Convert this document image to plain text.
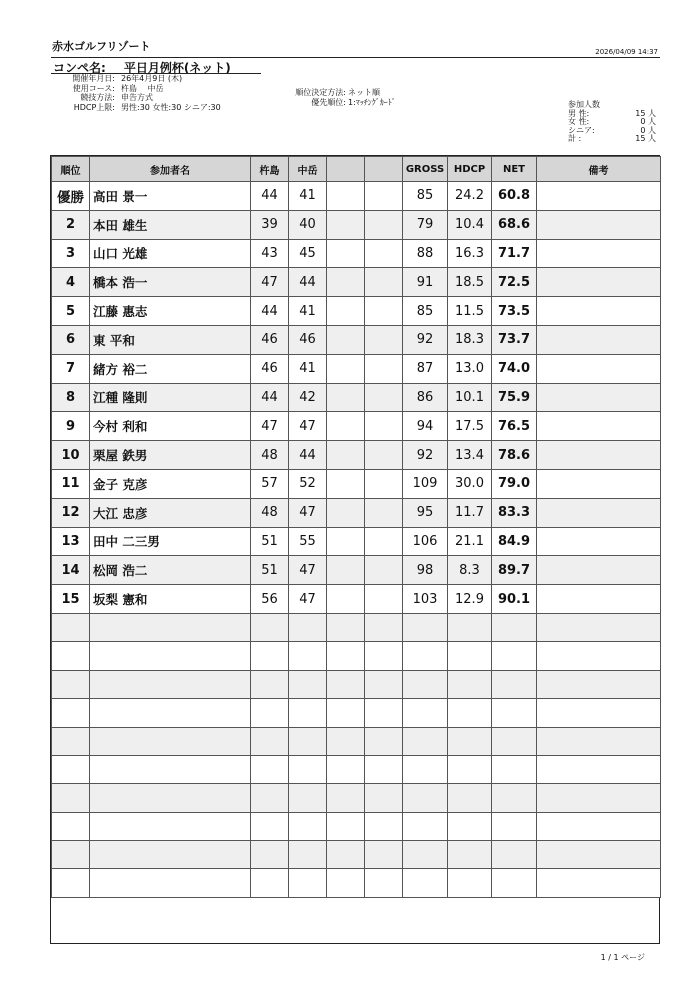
赤水ゴルフリゾート	2026/04/09 14:37
コンペ名: 平日月例杯(ネット)
開催年月日: 26年4月9日 (木)
使用コース: 杵島　 中岳
競技方法: 申告方式
HDCP上限: 男性:30 女性:30 シニア:30
順位決定方法: ネット順
優先順位: 1:ﾏｯﾁﾝｸﾞｶｰﾄﾞ	参加人数
男 性:	15 人
女 性:	0 人
シニア:	0 人
計 :	15 人
順位	参加者名	杵島	中岳			GROSS	HDCP	NET	備考
優勝	高田 景一	44	41			85	24.2	60.8	
2	本田 雄生	39	40			79	10.4	68.6	
3	山口 光雄	43	45			88	16.3	71.7	
4	橋本 浩一	47	44			91	18.5	72.5	
5	江藤 惠志	44	41			85	11.5	73.5	
6	東 平和	46	46			92	18.3	73.7	
7	緒方 裕二	46	41			87	13.0	74.0	
8	江種 隆則	44	42			86	10.1	75.9	
9	今村 利和	47	47			94	17.5	76.5	
10	栗屋 鉄男	48	44			92	13.4	78.6	
11	金子 克彦	57	52			109	30.0	79.0	
12	大江 忠彦	48	47			95	11.7	83.3	
13	田中 二三男	51	55			106	21.1	84.9	
14	松岡 浩二	51	47			98	8.3	89.7	
15	坂梨 憲和	56	47			103	12.9	90.1	

1 / 1 ページ
